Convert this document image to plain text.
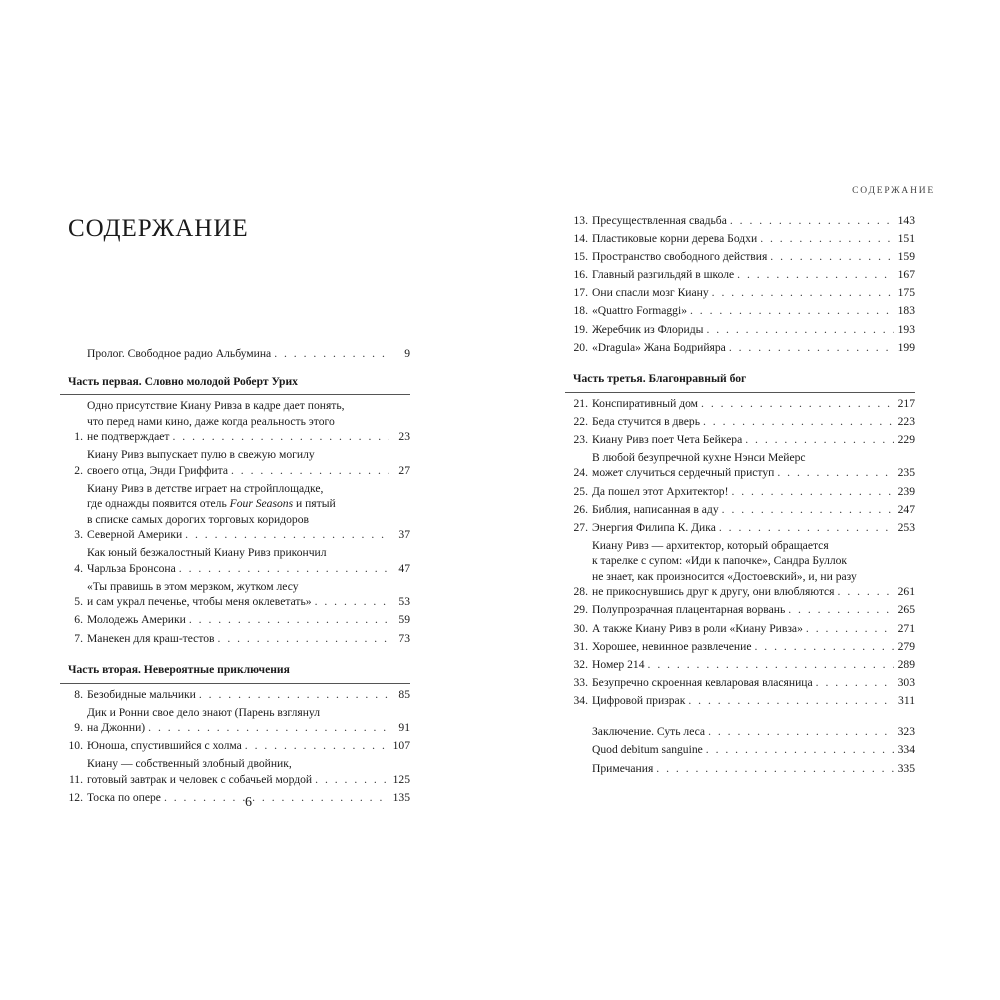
СОДЕРЖАНИЕ
Пролог. Свободное радио Альбумина . . .	9
Часть первая. Словно молодой Роберт Урих
1.
Одно присутствие Киану Ривза в кадре дает понять,
что перед нами кино, даже когда реальность этого
не подтверждает . . .	23
2.
Киану Ривз выпускает пулю в свежую могилу
своего отца, Энди Гриффита . . .	27
3.
Киану Ривз в детстве играет на стройплощадке,
где однажды появится отель Four Seasons и пятый
в списке самых дорогих торговых коридоров
Северной Америки . . .	37
4.
Как юный безжалостный Киану Ривз прикончил
Чарльза Бронсона . . .	47
5.
«Ты правишь в этом мерзком, жутком лесу
и сам украл печенье, чтобы меня оклеветать» . . .	53
6. Молодежь Америки . . .	59
7. Манекен для краш-тестов . . .	73
Часть вторая. Невероятные приключения
8. Безобидные мальчики . . .	85
9.
Дик и Ронни свое дело знают (Парень взглянул
на Джонни) . . .	91
10. Юноша, спустившийся с холма . . .	107
11.
Киану — собственный злобный двойник,
готовый завтрак и человек с собачьей мордой . . .	125
12. Тоска по опере . . .	135
6
СОДЕРЖАНИЕ
13. Пресуществленная свадьба . . .	143
14. Пластиковые корни дерева Бодхи . . .	151
15. Пространство свободного действия . . .	159
16. Главный разгильдяй в школе . . .	167
17. Они спасли мозг Киану . . .	175
18. «Quattro Formaggi» . . .	183
19. Жеребчик из Флориды . . .	193
20. «Dragula» Жана Бодрийяра . . .	199
Часть третья. Благонравный бог
21. Конспиративный дом . . .	217
22. Беда стучится в дверь . . .	223
23. Киану Ривз поет Чета Бейкера . . .	229
24.
В любой безупречной кухне Нэнси Мейерс
может случиться сердечный приступ . . .	235
25. Да пошел этот Архитектор! . . .	239
26. Библия, написанная в аду . . .	247
27. Энергия Филипа К. Дика . . .	253
28.
Киану Ривз — архитектор, который обращается
к тарелке с супом: «Иди к папочке», Сандра Буллок
не знает, как произносится «Достоевский», и, ни разу
не прикоснувшись друг к другу, они влюбляются . . .	261
29. Полупрозрачная плацентарная ворвань . . .	265
30. А также Киану Ривз в роли «Киану Ривза» . . .	271
31. Хорошее, невинное развлечение . . .	279
32. Номер 214 . . .	289
33. Безупречно скроенная кевларовая власяница . . .	303
34. Цифровой призрак . . .	311
Заключение. Суть леса . . .	323
Quod debitum sanguine . . .	334
Примечания . . .	335
